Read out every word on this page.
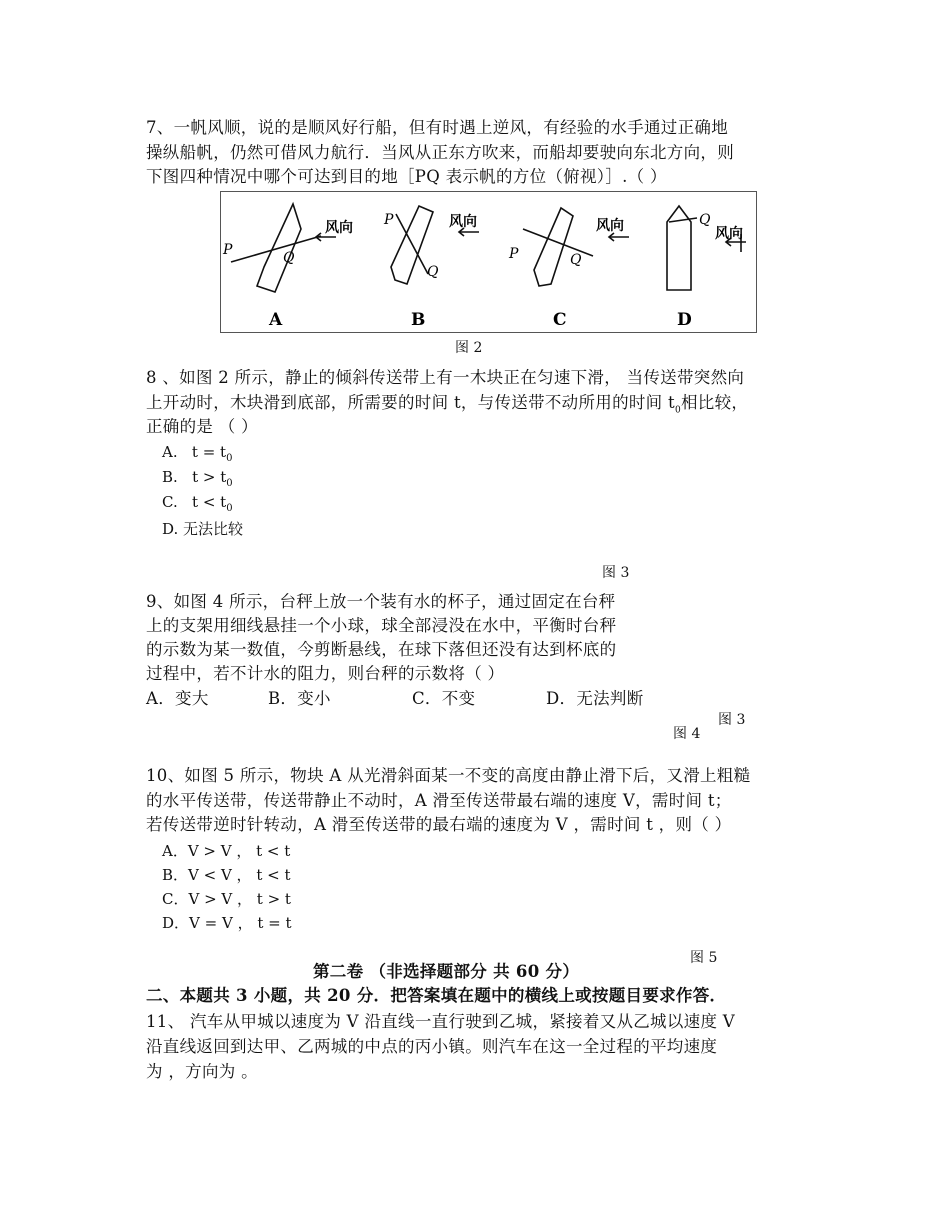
7、一帆风顺，说的是顺风好行船，但有时遇上逆风，有经验的水手通过正确地
操纵船帆，仍然可借风力航行．当风从正东方吹来，而船却要驶向东北方向，则
下图四种情况中哪个可达到目的地［PQ 表示帆的方位（俯视）］.（ ）
P	Q
风向
A
P
Q
风向
B
P	Q
风向
C
Q
风向
D
图 2
8 、如图 2 所示，静止的倾斜传送带上有一木块正在匀速下滑， 当传送带突然向
上开动时，木块滑到底部，所需要的时间 t，与传送带不动所用的时间 $t_0$相比较，
正确的是 （ ）
A. $t = t_0$
B. $t > t_0$
C. $t < t_0$
D. 无法比较
图 3
9、如图 4 所示，台秤上放一个装有水的杯子，通过固定在台秤
上的支架用细线悬挂一个小球，球全部浸没在水中，平衡时台秤
的示数为某一数值，今剪断悬线，在球下落但还没有达到杯底的
过程中，若不计水的阻力，则台秤的示数将（ ）
A．变大	B．变小	C．不变	D．无法判断
图 3
图 4
10、如图 5 所示，物块 A 从光滑斜面某一不变的高度由静止滑下后，又滑上粗糙
的水平传送带，传送带静止不动时，A 滑至传送带最右端的速度 V，需时间 t；
若传送带逆时针转动，A 滑至传送带的最右端的速度为 V ，需时间 t ，则（ ）
A．V > V ， t < t
B．V < V ， t < t
C．V > V ， t > t
D．V = V ， t = t
图 5
第二卷 （非选择题部分 共 60 分）
二、本题共 3 小题，共 20 分．把答案填在题中的横线上或按题目要求作答．
11、 汽车从甲城以速度为 V 沿直线一直行驶到乙城，紧接着又从乙城以速度 V
沿直线返回到达甲、乙两城的中点的丙小镇。则汽车在这一全过程的平均速度
为 ，方向为 。
